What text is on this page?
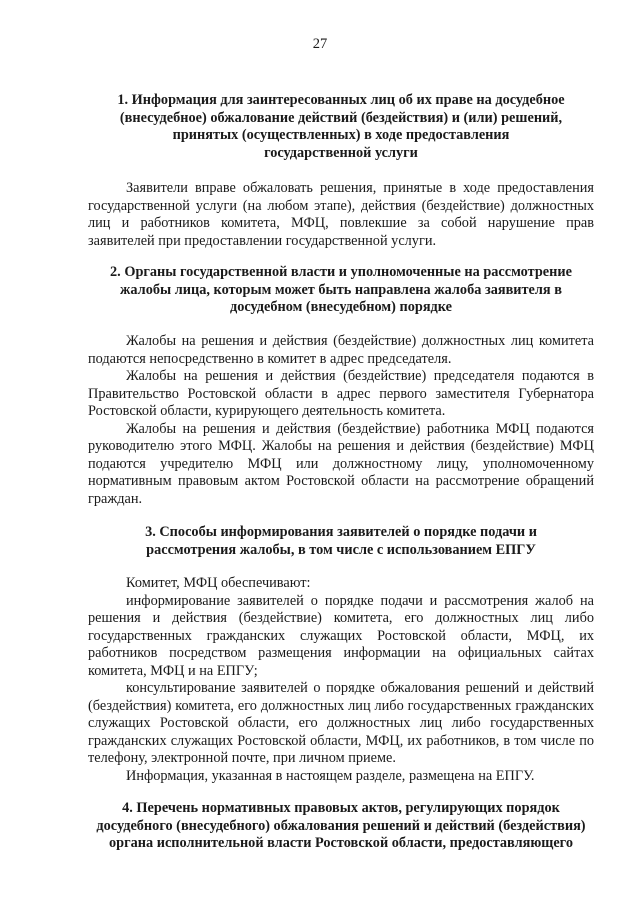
27

1. Информация для заинтересованных лиц об их праве на досудебное

(внесудебное) обжалование действий (бездействия) и (или) решений,

принятых (осуществленных) в ходе предоставления

государственной услуги

Заявители вправе обжаловать решения, принятые в ходе предоставления государственной услуги (на любом этапе), действия (бездействие) должностных лиц и работников комитета, МФЦ, повлекшие за собой нарушение прав заявителей при предоставлении государственной услуги.

2. Органы государственной власти и уполномоченные на рассмотрение

жалобы лица, которым может быть направлена жалоба заявителя в

досудебном (внесудебном) порядке

Жалобы на решения и действия (бездействие) должностных лиц комитета подаются непосредственно в комитет в адрес председателя.

Жалобы на решения и действия (бездействие) председателя подаются в Правительство Ростовской области в адрес первого заместителя Губернатора Ростовской области, курирующего деятельность комитета.

Жалобы на решения и действия (бездействие) работника МФЦ подаются руководителю этого МФЦ. Жалобы на решения и действия (бездействие) МФЦ подаются учредителю МФЦ или должностному лицу, уполномоченному нормативным правовым актом Ростовской области на рассмотрение обращений граждан.

3. Способы информирования заявителей о порядке подачи и

рассмотрения жалобы, в том числе с использованием ЕПГУ

Комитет, МФЦ обеспечивают:

информирование заявителей о порядке подачи и рассмотрения жалоб на решения и действия (бездействие) комитета, его должностных лиц либо государственных гражданских служащих Ростовской области, МФЦ, их работников посредством размещения информации на официальных сайтах комитета, МФЦ и на ЕПГУ;

консультирование заявителей о порядке обжалования решений и действий (бездействия) комитета, его должностных лиц либо государственных гражданских служащих Ростовской области, его должностных лиц либо государственных гражданских служащих Ростовской области, МФЦ, их работников, в том числе по телефону, электронной почте, при личном приеме.

Информация, указанная в настоящем разделе, размещена на ЕПГУ.

4. Перечень нормативных правовых актов, регулирующих порядок

досудебного (внесудебного) обжалования решений и действий (бездействия)

органа исполнительной власти Ростовской области, предоставляющего
